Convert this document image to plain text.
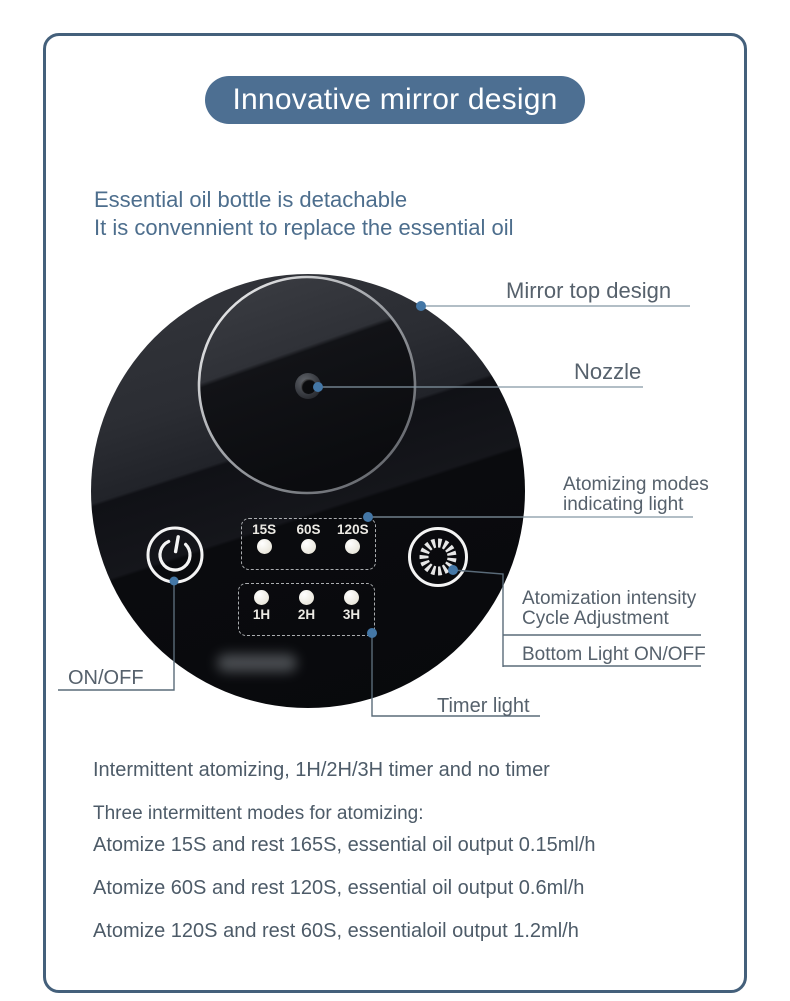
Innovative mirror design
Essential oil bottle is detachable
It is convennient to replace the essential oil
15S 60S 120S
1H 2H 3H
Mirror top design
Nozzle
Atomizing modes
indicating light
Atomization intensity
Cycle Adjustment
Bottom Light ON/OFF
ON/OFF
Timer light
Intermittent atomizing, 1H/2H/3H timer and no timer
Three intermittent modes for atomizing:
Atomize 15S and rest 165S, essential oil output 0.15ml/h
Atomize 60S and rest 120S, essential oil output 0.6ml/h
Atomize 120S and rest 60S, essentialoil output 1.2ml/h
